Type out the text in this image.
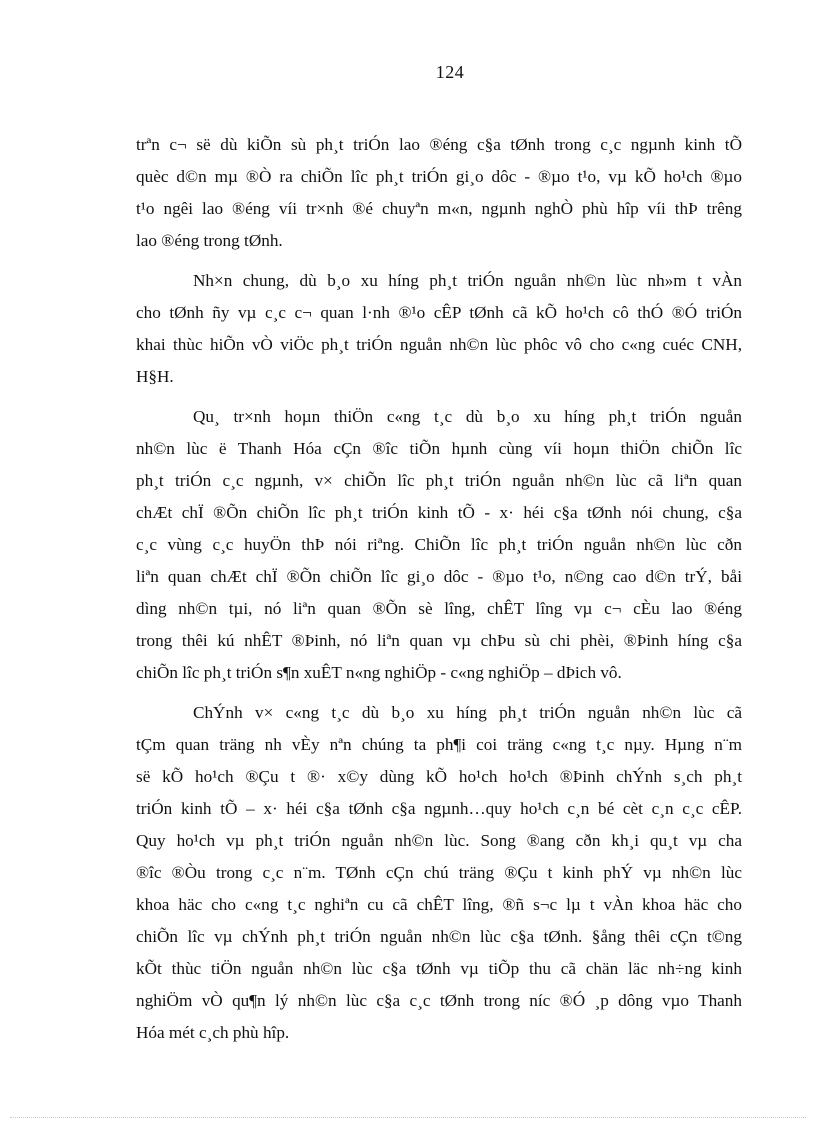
124
trªn c¬ së dù kiÕn sù ph¸t triÓn lao ®éng c§a tØnh trong c¸c ngµnh kinh tÕ
quèc d©n mµ ®Ò ra chiÕn lîc ph¸t triÓn gi¸o dôc - ®µo t¹o, vµ kÕ ho¹ch ®µo
t¹o ngêi lao ®éng víi tr×nh ®é chuyªn m«n, ngµnh nghÒ phù hîp víi thÞ trêng
lao ®éng trong tØnh.
Nh×n chung, dù b¸o xu híng ph¸t triÓn nguån nh©n lùc nh»m t vÀn
cho tØnh ñy vµ c¸c c¬ quan l·nh ®¹o cÊP tØnh cã kÕ ho¹ch cô thÓ ®Ó triÓn
khai thùc hiÕn vÒ viÖc ph¸t triÓn nguån nh©n lùc phôc vô cho c«ng cuéc CNH,
H§H.
Qu¸ tr×nh hoµn thiÖn c«ng t¸c dù b¸o xu híng ph¸t triÓn nguån
nh©n lùc ë Thanh Hóa cÇn ®îc tiÕn hµnh cùng víi hoµn thiÖn chiÕn lîc
ph¸t triÓn c¸c ngµnh, v× chiÕn lîc ph¸t triÓn nguån nh©n lùc cã liªn quan
chÆt chÏ ®Õn chiÕn lîc ph¸t triÓn kinh tÕ - x· héi c§a tØnh nói chung, c§a
c¸c vùng c¸c huyÖn thÞ nói riªng. ChiÕn lîc ph¸t triÓn nguån nh©n lùc cðn
liªn quan chÆt chÏ ®Õn chiÕn lîc gi¸o dôc - ®µo t¹o, n©ng cao d©n trÝ, båi
dìng nh©n tµi, nó liªn quan ®Õn sè lîng, chÊT lîng vµ c¬ cÈu lao ®éng
trong thêi kú nhÊT ®Þinh, nó liªn quan vµ chÞu sù chi phèi, ®Þinh híng c§a
chiÕn lîc ph¸t triÓn s¶n xuÊT n«ng nghiÖp - c«ng nghiÖp – dÞich vô.
ChÝnh v× c«ng t¸c dù b¸o xu híng ph¸t triÓn nguån nh©n lùc cã
tÇm quan träng nh vÈy nªn chúng ta ph¶i coi träng c«ng t¸c nµy. Hµng n¨m
së kÕ ho¹ch ®Çu t ®· x©y dùng kÕ ho¹ch ho¹ch ®Þinh chÝnh s¸ch ph¸t
triÓn kinh tÕ – x· héi c§a tØnh c§a ngµnh…quy ho¹ch c¸n bé cèt c¸n c¸c cÊP.
Quy ho¹ch vµ ph¸t triÓn nguån nh©n lùc. Song ®ang cðn kh¸i qu¸t vµ cha
®îc ®Òu trong c¸c n¨m. TØnh cÇn chú träng ®Çu t kinh phÝ vµ nh©n lùc
khoa häc cho c«ng t¸c nghiªn cu cã chÊT lîng, ®ñ s¬c lµ t vÀn khoa häc cho
chiÕn lîc vµ chÝnh ph¸t triÓn nguån nh©n lùc c§a tØnh. §ång thêi cÇn t©ng
kÕt thùc tiÖn nguån nh©n lùc c§a tØnh vµ tiÕp thu cã chän läc nh÷ng kinh
nghiÖm vÒ qu¶n lý nh©n lùc c§a c¸c tØnh trong níc ®Ó ¸p dông vµo Thanh
Hóa mét c¸ch phù hîp.
